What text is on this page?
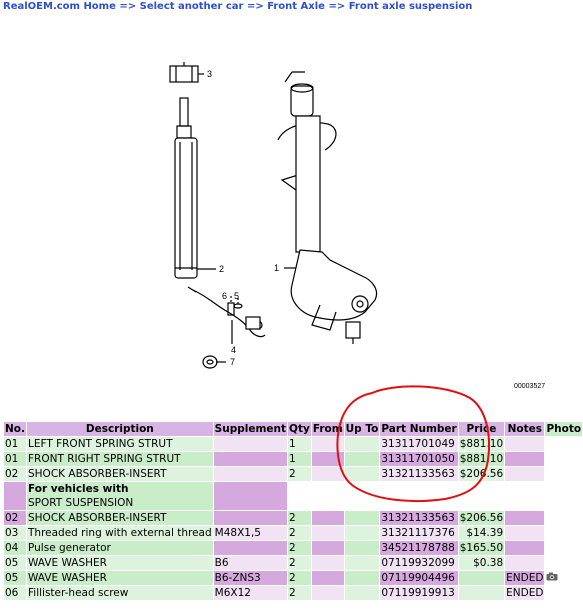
RealOEM.com Home => Select another car => Front Axle => Front axle suspension
3
2	1
6 5
4
7
00003527
No.	Description	Supplement	Qty	From	Up To	Part Number	Price	Notes	Photo
01	LEFT FRONT SPRING STRUT		1			31311701049	$881.10		
01	FRONT RIGHT SPRING STRUT		1			31311701050	$881.10		
02	SHOCK ABSORBER-INSERT		2			31321133563	$206.56		
	For vehicles with
SPORT SUSPENSION								
02	SHOCK ABSORBER-INSERT		2			31321133563	$206.56		
03	Threaded ring with external thread	M48X1,5	2			31321117376	$14.39		
04	Pulse generator		2			34521178788	$165.50		
05	WAVE WASHER	B6	2			07119932099	$0.38		
05	WAVE WASHER	B6-ZNS3	2			07119904496		ENDED	
06	Fillister-head screw	M6X12	2			07119919913		ENDED	
